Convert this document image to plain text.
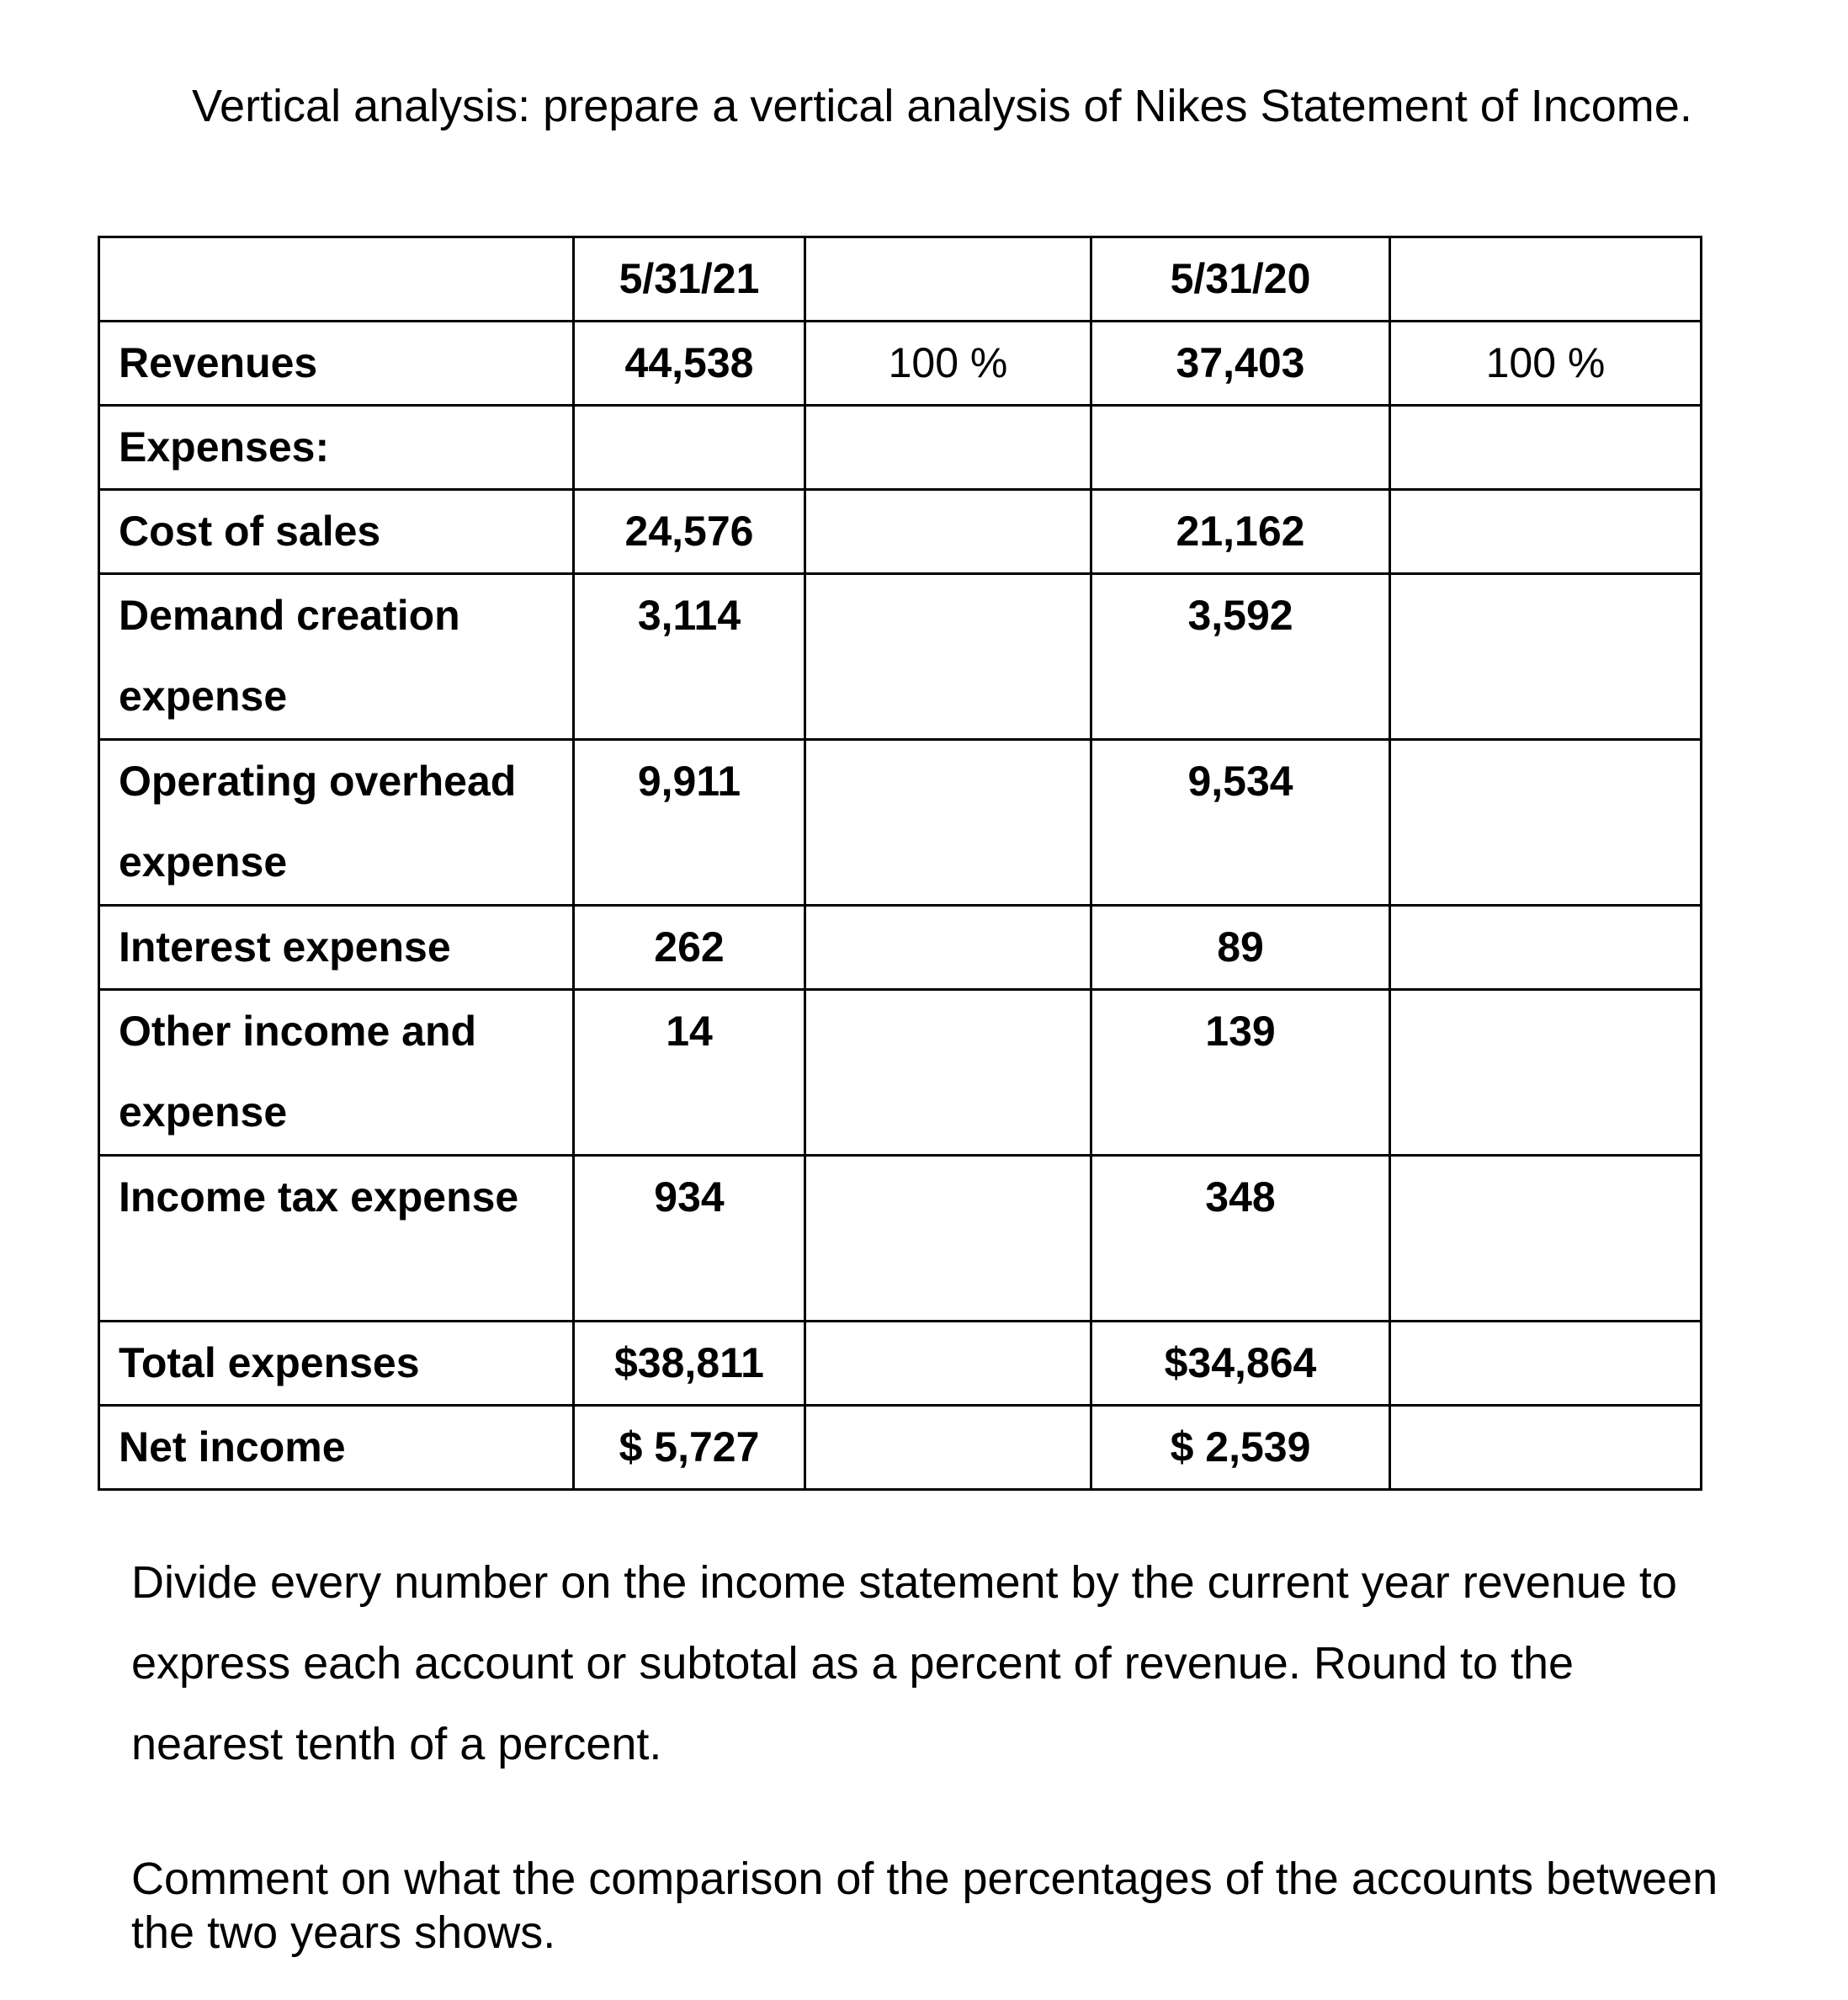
Vertical analysis: prepare a vertical analysis of Nikes Statement of Income.
	5/31/21		5/31/20	
Revenues	44,538	100 %	37,403	100 %
Expenses:				
Cost of sales	24,576		21,162	
Demand creation expense	3,114		3,592	
Operating overhead expense	9,911		9,534	
Interest expense	262		89	
Other income and expense	14		139	
Income tax expense	934		348	
Total expenses	$38,811		$34,864	
Net income	$ 5,727		$ 2,539	
Divide every number on the income statement by the current year revenue to express each account or subtotal as a percent of revenue. Round to the nearest tenth of a percent.
Comment on what the comparison of the percentages of the accounts between the two years shows.
